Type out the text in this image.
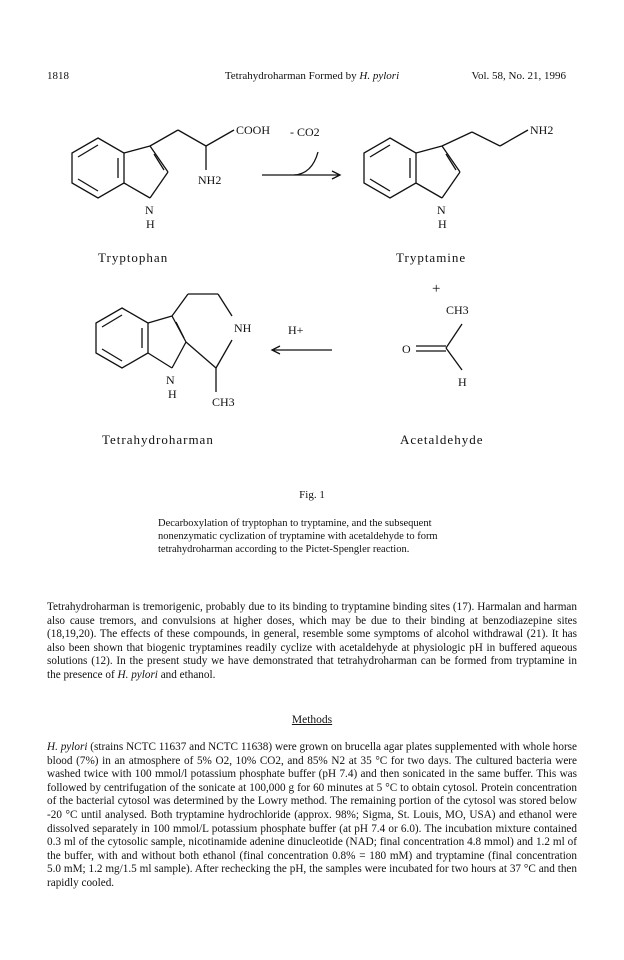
1818	Tetrahydroharman Formed by H. pylori	Vol. 58, No. 21, 1996
COOH
NH2
N
H
- CO2	NH2
N
H
CH3
O
H
H+
NH
N
H
CH3
+
Tryptophan	Tryptamine
Tetrahydroharman	Acetaldehyde
Fig. 1
Decarboxylation of tryptophan to tryptamine, and the subsequent nonenzymatic cyclization of tryptamine with acetaldehyde to form tetrahydroharman according to the Pictet-Spengler reaction.
Tetrahydroharman is tremorigenic, probably due to its binding to tryptamine binding sites (17). Harmalan and harman also cause tremors, and convulsions at higher doses, which may be due to their binding at benzodiazepine sites (18,19,20). The effects of these compounds, in general, resemble some symptoms of alcohol withdrawal (21). It has also been shown that biogenic tryptamines readily cyclize with acetaldehyde at physiologic pH in buffered aqueous solutions (12). In the present study we have demonstrated that tetrahydroharman can be formed from tryptamine in the presence of H. pylori and ethanol.
Methods
H. pylori (strains NCTC 11637 and NCTC 11638) were grown on brucella agar plates supplemented with whole horse blood (7%) in an atmosphere of 5% O2, 10% CO2, and 85% N2 at 35 °C for two days. The cultured bacteria were washed twice with 100 mmol/l potassium phosphate buffer (pH 7.4) and then sonicated in the same buffer. This was followed by centrifugation of the sonicate at 100,000 g for 60 minutes at 5 °C to obtain cytosol. Protein concentration of the bacterial cytosol was determined by the Lowry method. The remaining portion of the cytosol was stored below -20 °C until analysed. Both tryptamine hydrochloride (approx. 98%; Sigma, St. Louis, MO, USA) and ethanol were dissolved separately in 100 mmol/L potassium phosphate buffer (at pH 7.4 or 6.0). The incubation mixture contained 0.3 ml of the cytosolic sample, nicotinamide adenine dinucleotide (NAD; final concentration 4.8 mmol) and 1.2 ml of the buffer, with and without both ethanol (final concentration 0.8% = 180 mM) and tryptamine (final concentration 5.0 mM; 1.2 mg/1.5 ml sample). After rechecking the pH, the samples were incubated for two hours at 37 °C and then rapidly cooled.
